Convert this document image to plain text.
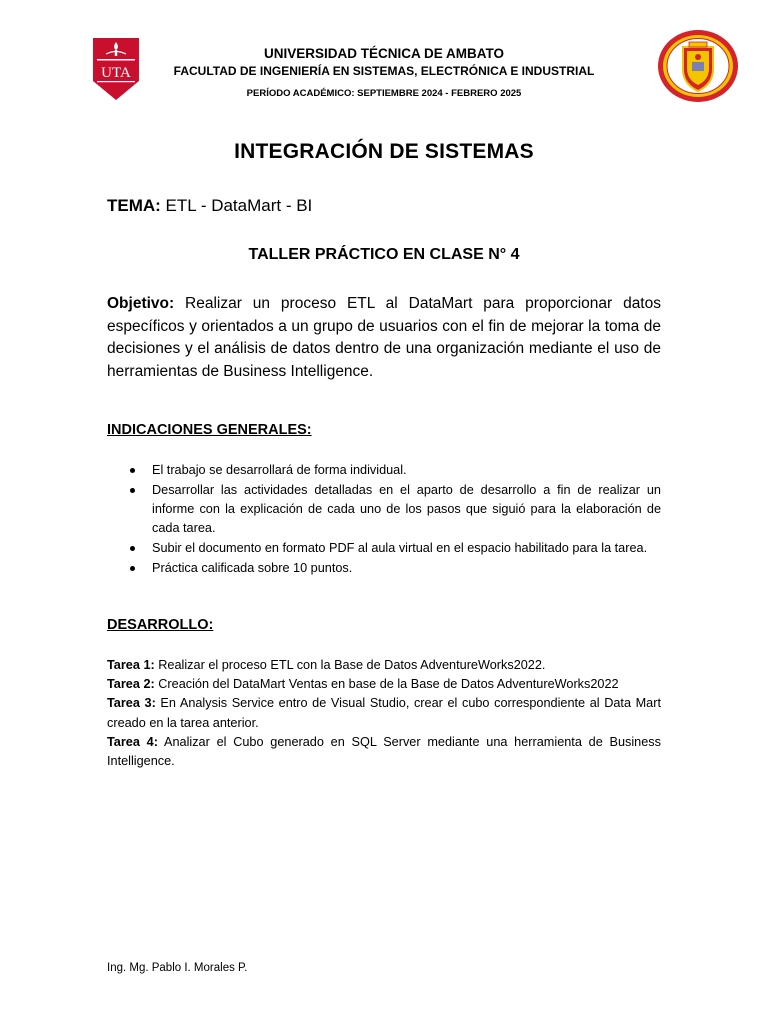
UTA
UNIVERSIDAD TÉCNICA DE AMBATO
FACULTAD DE INGENIERÍA EN SISTEMAS, ELECTRÓNICA E INDUSTRIAL
PERÍODO ACADÉMICO: SEPTIEMBRE 2024 - FEBRERO 2025
INTEGRACIÓN DE SISTEMAS
TEMA: ETL - DataMart - BI
TALLER PRÁCTICO EN CLASE N° 4

Objetivo: Realizar un proceso ETL al DataMart para proporcionar datos específicos y orientados a un grupo de usuarios con el fin de mejorar la toma de decisiones y el análisis de datos dentro de una organización mediante el uso de herramientas de Business Intelligence.

INDICACIONES GENERALES:
El trabajo se desarrollará de forma individual.
Desarrollar las actividades detalladas en el aparto de desarrollo a fin de realizar un informe con la explicación de cada uno de los pasos que siguió para la elaboración de cada tarea.
Subir el documento en formato PDF al aula virtual en el espacio habilitado para la tarea.
Práctica calificada sobre 10 puntos.
DESARROLLO:

Tarea 1: Realizar el proceso ETL con la Base de Datos AdventureWorks2022.

Tarea 2: Creación del DataMart Ventas en base de la Base de Datos AdventureWorks2022

Tarea 3: En Analysis Service entro de Visual Studio, crear el cubo correspondiente al Data Mart creado en la tarea anterior.

Tarea 4: Analizar el Cubo generado en SQL Server mediante una herramienta de Business Intelligence.

Ing. Mg. Pablo I. Morales P.
